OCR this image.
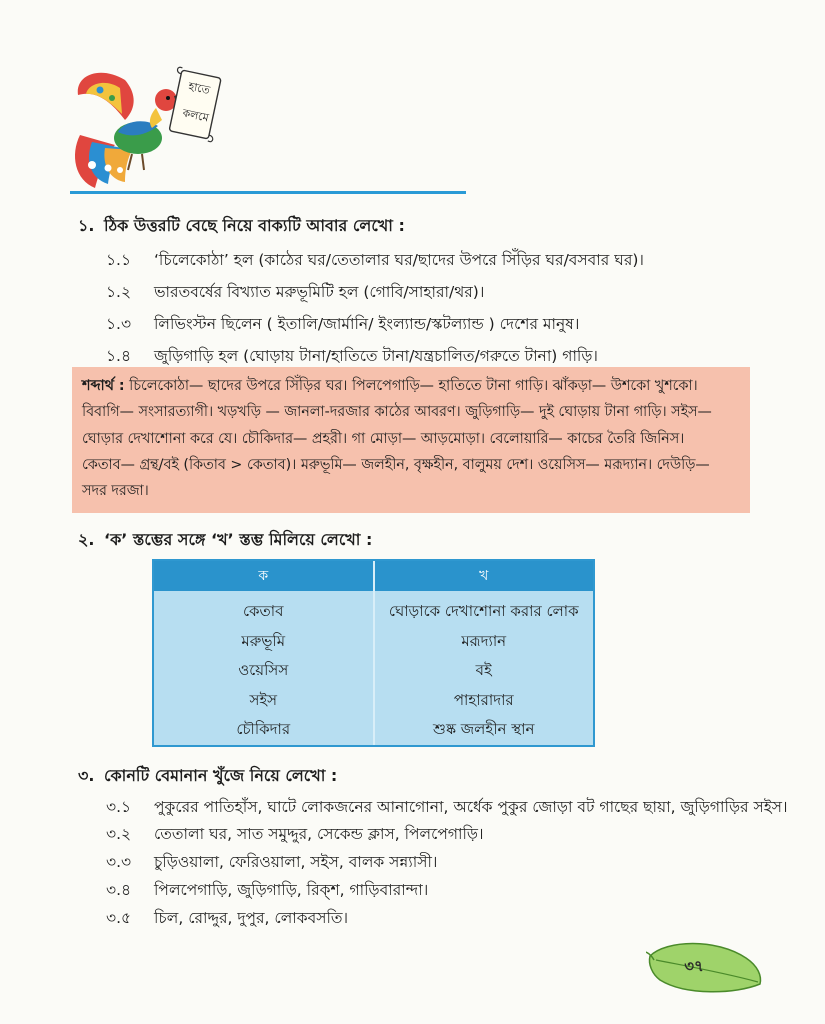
হাতে
কলমে
১. ঠিক উত্তরটি বেছে নিয়ে বাক্যটি আবার লেখো :
১.১ ‘চিলেকোঠা’ হল (কাঠের ঘর/তেতালার ঘর/ছাদের উপরে সিঁড়ির ঘর/বসবার ঘর)।
১.২ ভারতবর্ষের বিখ্যাত মরুভূমিটি হল (গোবি/সাহারা/থর)।
১.৩ লিভিংস্টন ছিলেন ( ইতালি/জার্মানি/ ইংল্যান্ড/স্কটল্যান্ড ) দেশের মানুষ।
১.৪ জুড়িগাড়ি হল (ঘোড়ায় টানা/হাতিতে টানা/যন্ত্রচালিত/গরুতে টানা) গাড়ি।
শব্দার্থ : চিলেকোঠা— ছাদের উপরে সিঁড়ির ঘর। পিলপেগাড়ি— হাতিতে টানা গাড়ি। ঝাঁকড়া— উশকো খুশকো।
বিবাগি— সংসারত্যাগী। খড়খড়ি — জানলা-দরজার কাঠের আবরণ। জুড়িগাড়ি— দুই ঘোড়ায় টানা গাড়ি। সইস—
ঘোড়ার দেখাশোনা করে যে। চৌকিদার— প্রহরী। গা মোড়া— আড়মোড়া। বেলোয়ারি— কাচের তৈরি জিনিস।
কেতাব— গ্রন্থ/বই (কিতাব > কেতাব)। মরুভূমি— জলহীন, বৃক্ষহীন, বালুময় দেশ। ওয়েসিস— মরূদ্যান। দেউড়ি—
সদর দরজা।
২. ‘ক’ স্তম্ভের সঙ্গে ‘খ’ স্তম্ভ মিলিয়ে লেখো :
ক	খ
কেতাব
মরুভূমি
ওয়েসিস
সইস
চৌকিদার
ঘোড়াকে দেখাশোনা করার লোক
মরূদ্যান
বই
পাহারাদার
শুষ্ক জলহীন স্থান
৩. কোনটি বেমানান খুঁজে নিয়ে লেখো :
৩.১ পুকুরের পাতিহাঁস, ঘাটে লোকজনের আনাগোনা, অর্ধেক পুকুর জোড়া বট গাছের ছায়া, জুড়িগাড়ির সইস।
৩.২ তেতালা ঘর, সাত সমুদ্দুর, সেকেন্ড ক্লাস, পিলপেগাড়ি।
৩.৩ চুড়িওয়ালা, ফেরিওয়ালা, সইস, বালক সন্ন্যাসী।
৩.৪ পিলপেগাড়ি, জুড়িগাড়ি, রিক্‌শ, গাড়িবারান্দা।
৩.৫ চিল, রোদ্দুর, দুপুর, লোকবসতি।
৩৭
